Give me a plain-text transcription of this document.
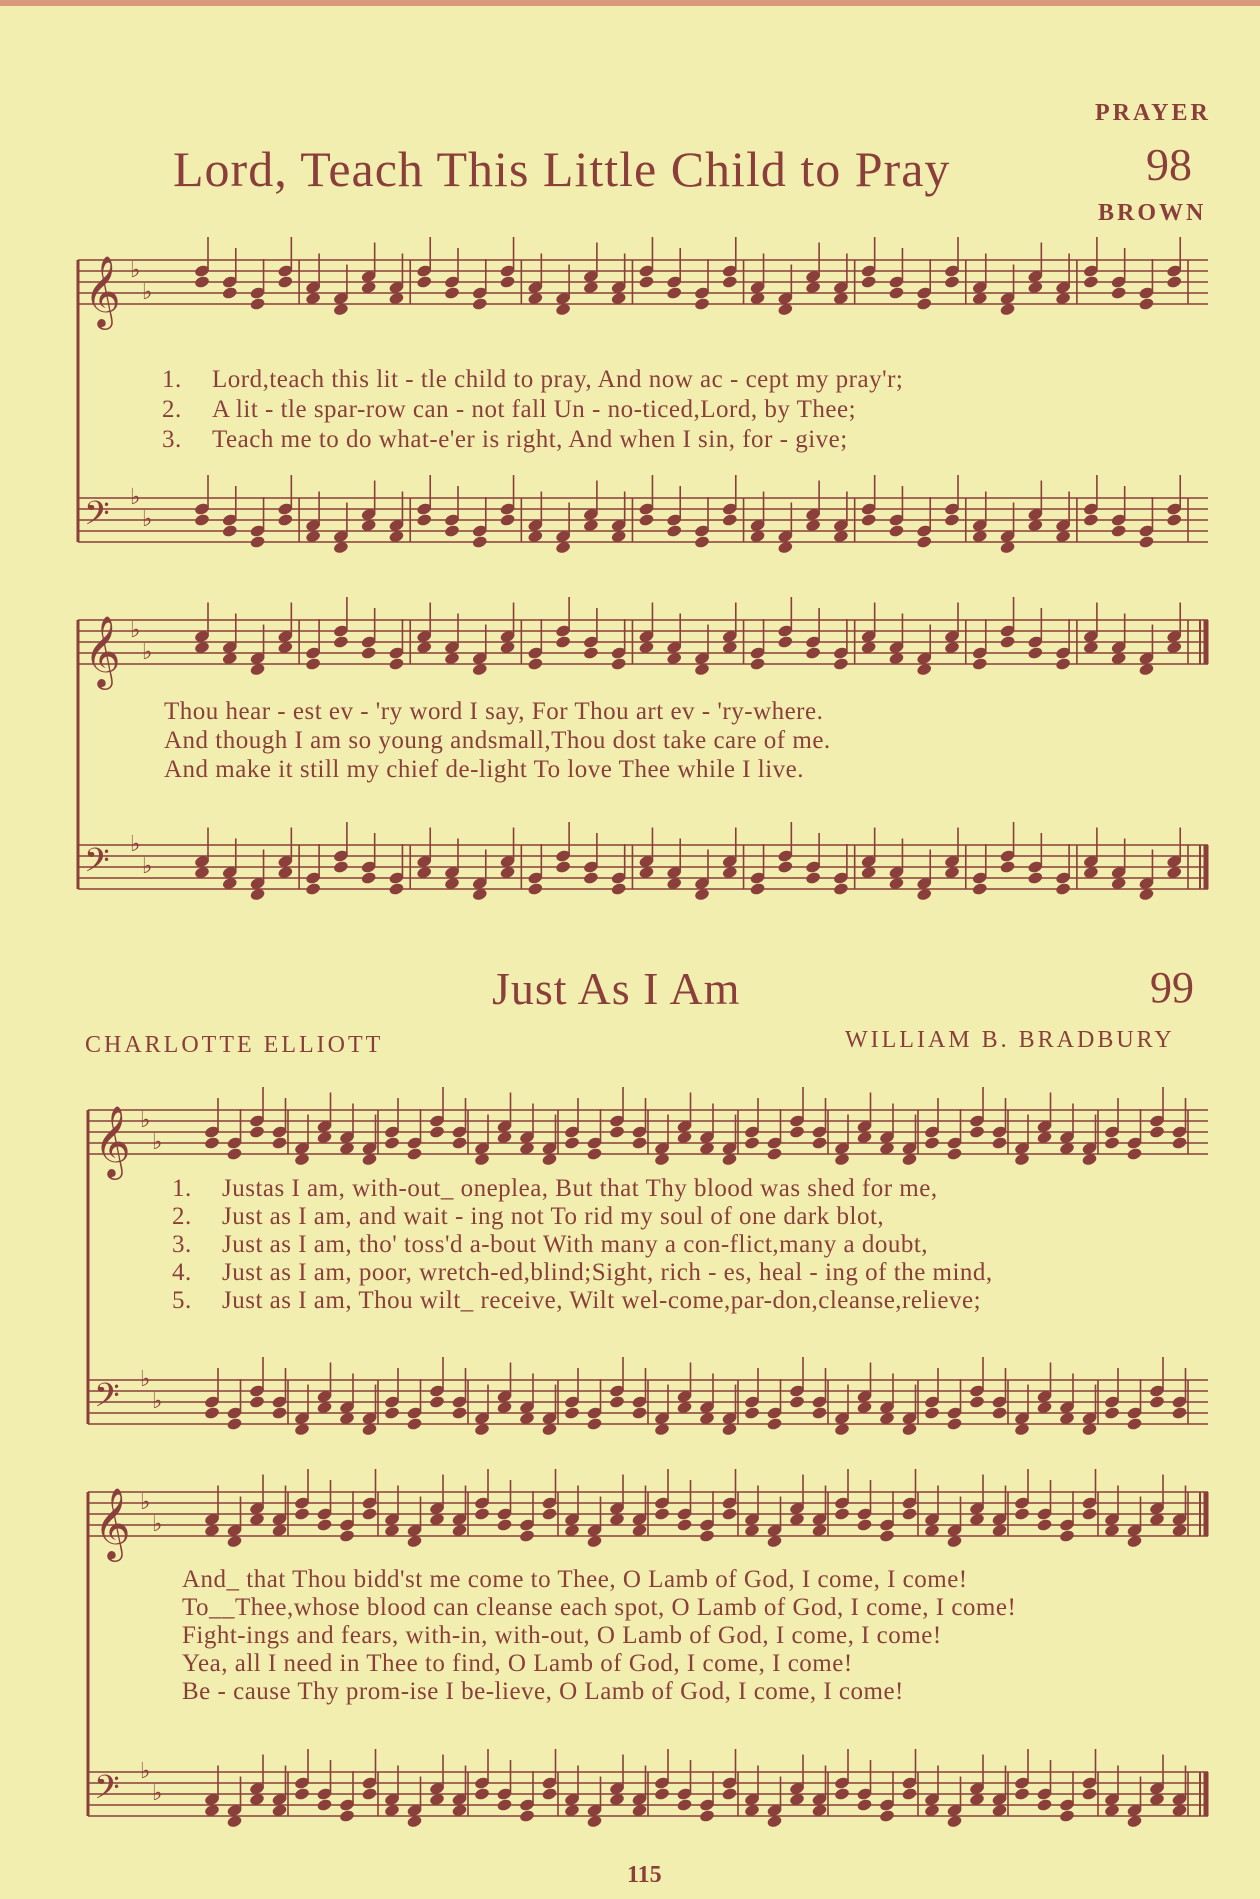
PRAYER
Lord, Teach This Little Child to Pray	98
BROWN
𝄞 ♭
♭
𝄢 ♭
♭
1. Lord,teach this lit - tle child to pray, And now ac - cept my pray'r;
2. A lit - tle spar-row can - not fall Un - no-ticed,Lord, by Thee;
3. Teach me to do what-e'er is right, And when I sin, for - give;
𝄞 ♭
♭
𝄢 ♭
♭
Thou hear - est ev - 'ry word I say, For Thou art ev - 'ry-where.
And though I am so young andsmall,Thou dost take care of me.
And make it still my chief de-light To love Thee while I live.
Just As I Am	99
CHARLOTTE ELLIOTT	WILLIAM B. BRADBURY
𝄞 ♭
♭
𝄢 ♭
♭
1. Justas I am, with-out_ oneplea, But that Thy blood was shed for me,
2. Just as I am, and wait - ing not To rid my soul of one dark blot,
3. Just as I am, tho' toss'd a-bout With many a con-flict,many a doubt,
4. Just as I am, poor, wretch-ed,blind;Sight, rich - es, heal - ing of the mind,
5. Just as I am, Thou wilt_ receive, Wilt wel-come,par-don,cleanse,relieve;
𝄞 ♭
♭
𝄢 ♭
♭
And_ that Thou bidd'st me come to Thee, O Lamb of God, I come, I come!
To__Thee,whose blood can cleanse each spot, O Lamb of God, I come, I come!
Fight-ings and fears, with-in, with-out, O Lamb of God, I come, I come!
Yea, all I need in Thee to find, O Lamb of God, I come, I come!
Be - cause Thy prom-ise I be-lieve, O Lamb of God, I come, I come!
115
